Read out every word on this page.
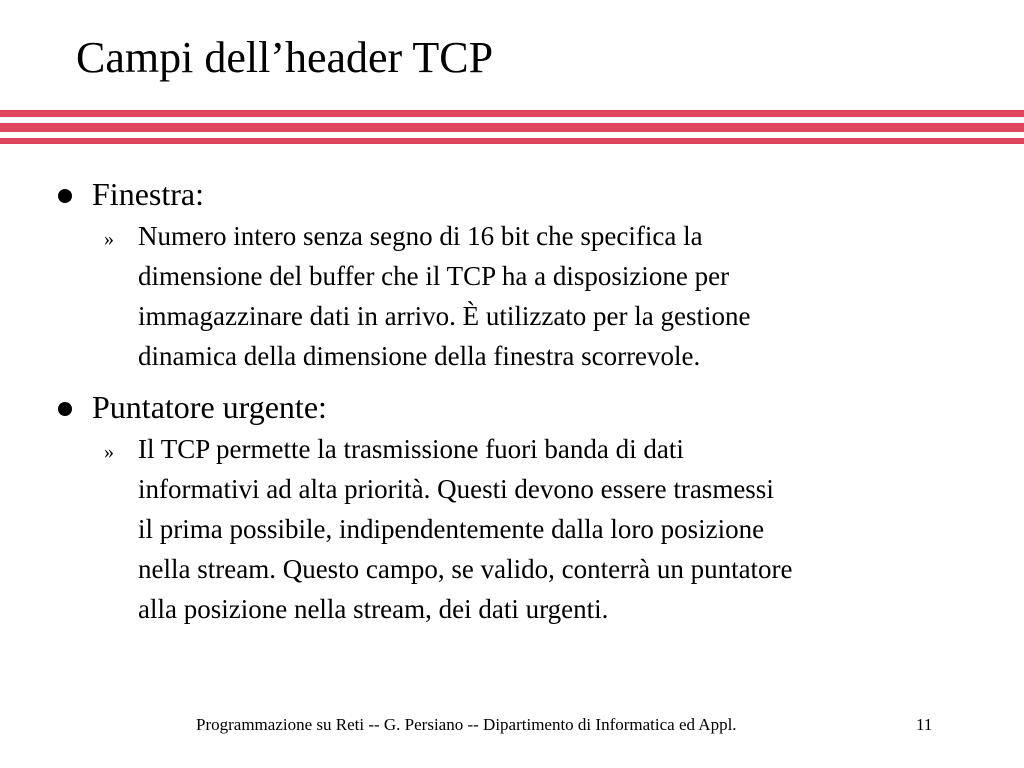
Campi dell’header TCP
Finestra:
» Numero intero senza segno di 16 bit che specifica la
dimensione del buffer che il TCP ha a disposizione per
immagazzinare dati in arrivo. È utilizzato per la gestione
dinamica della dimensione della finestra scorrevole.
Puntatore urgente:
» Il TCP permette la trasmissione fuori banda di dati
informativi ad alta priorità. Questi devono essere trasmessi
il prima possibile, indipendentemente dalla loro posizione
nella stream. Questo campo, se valido, conterrà un puntatore
alla posizione nella stream, dei dati urgenti.
Programmazione su Reti -- G. Persiano -- Dipartimento di Informatica ed Appl.	11
